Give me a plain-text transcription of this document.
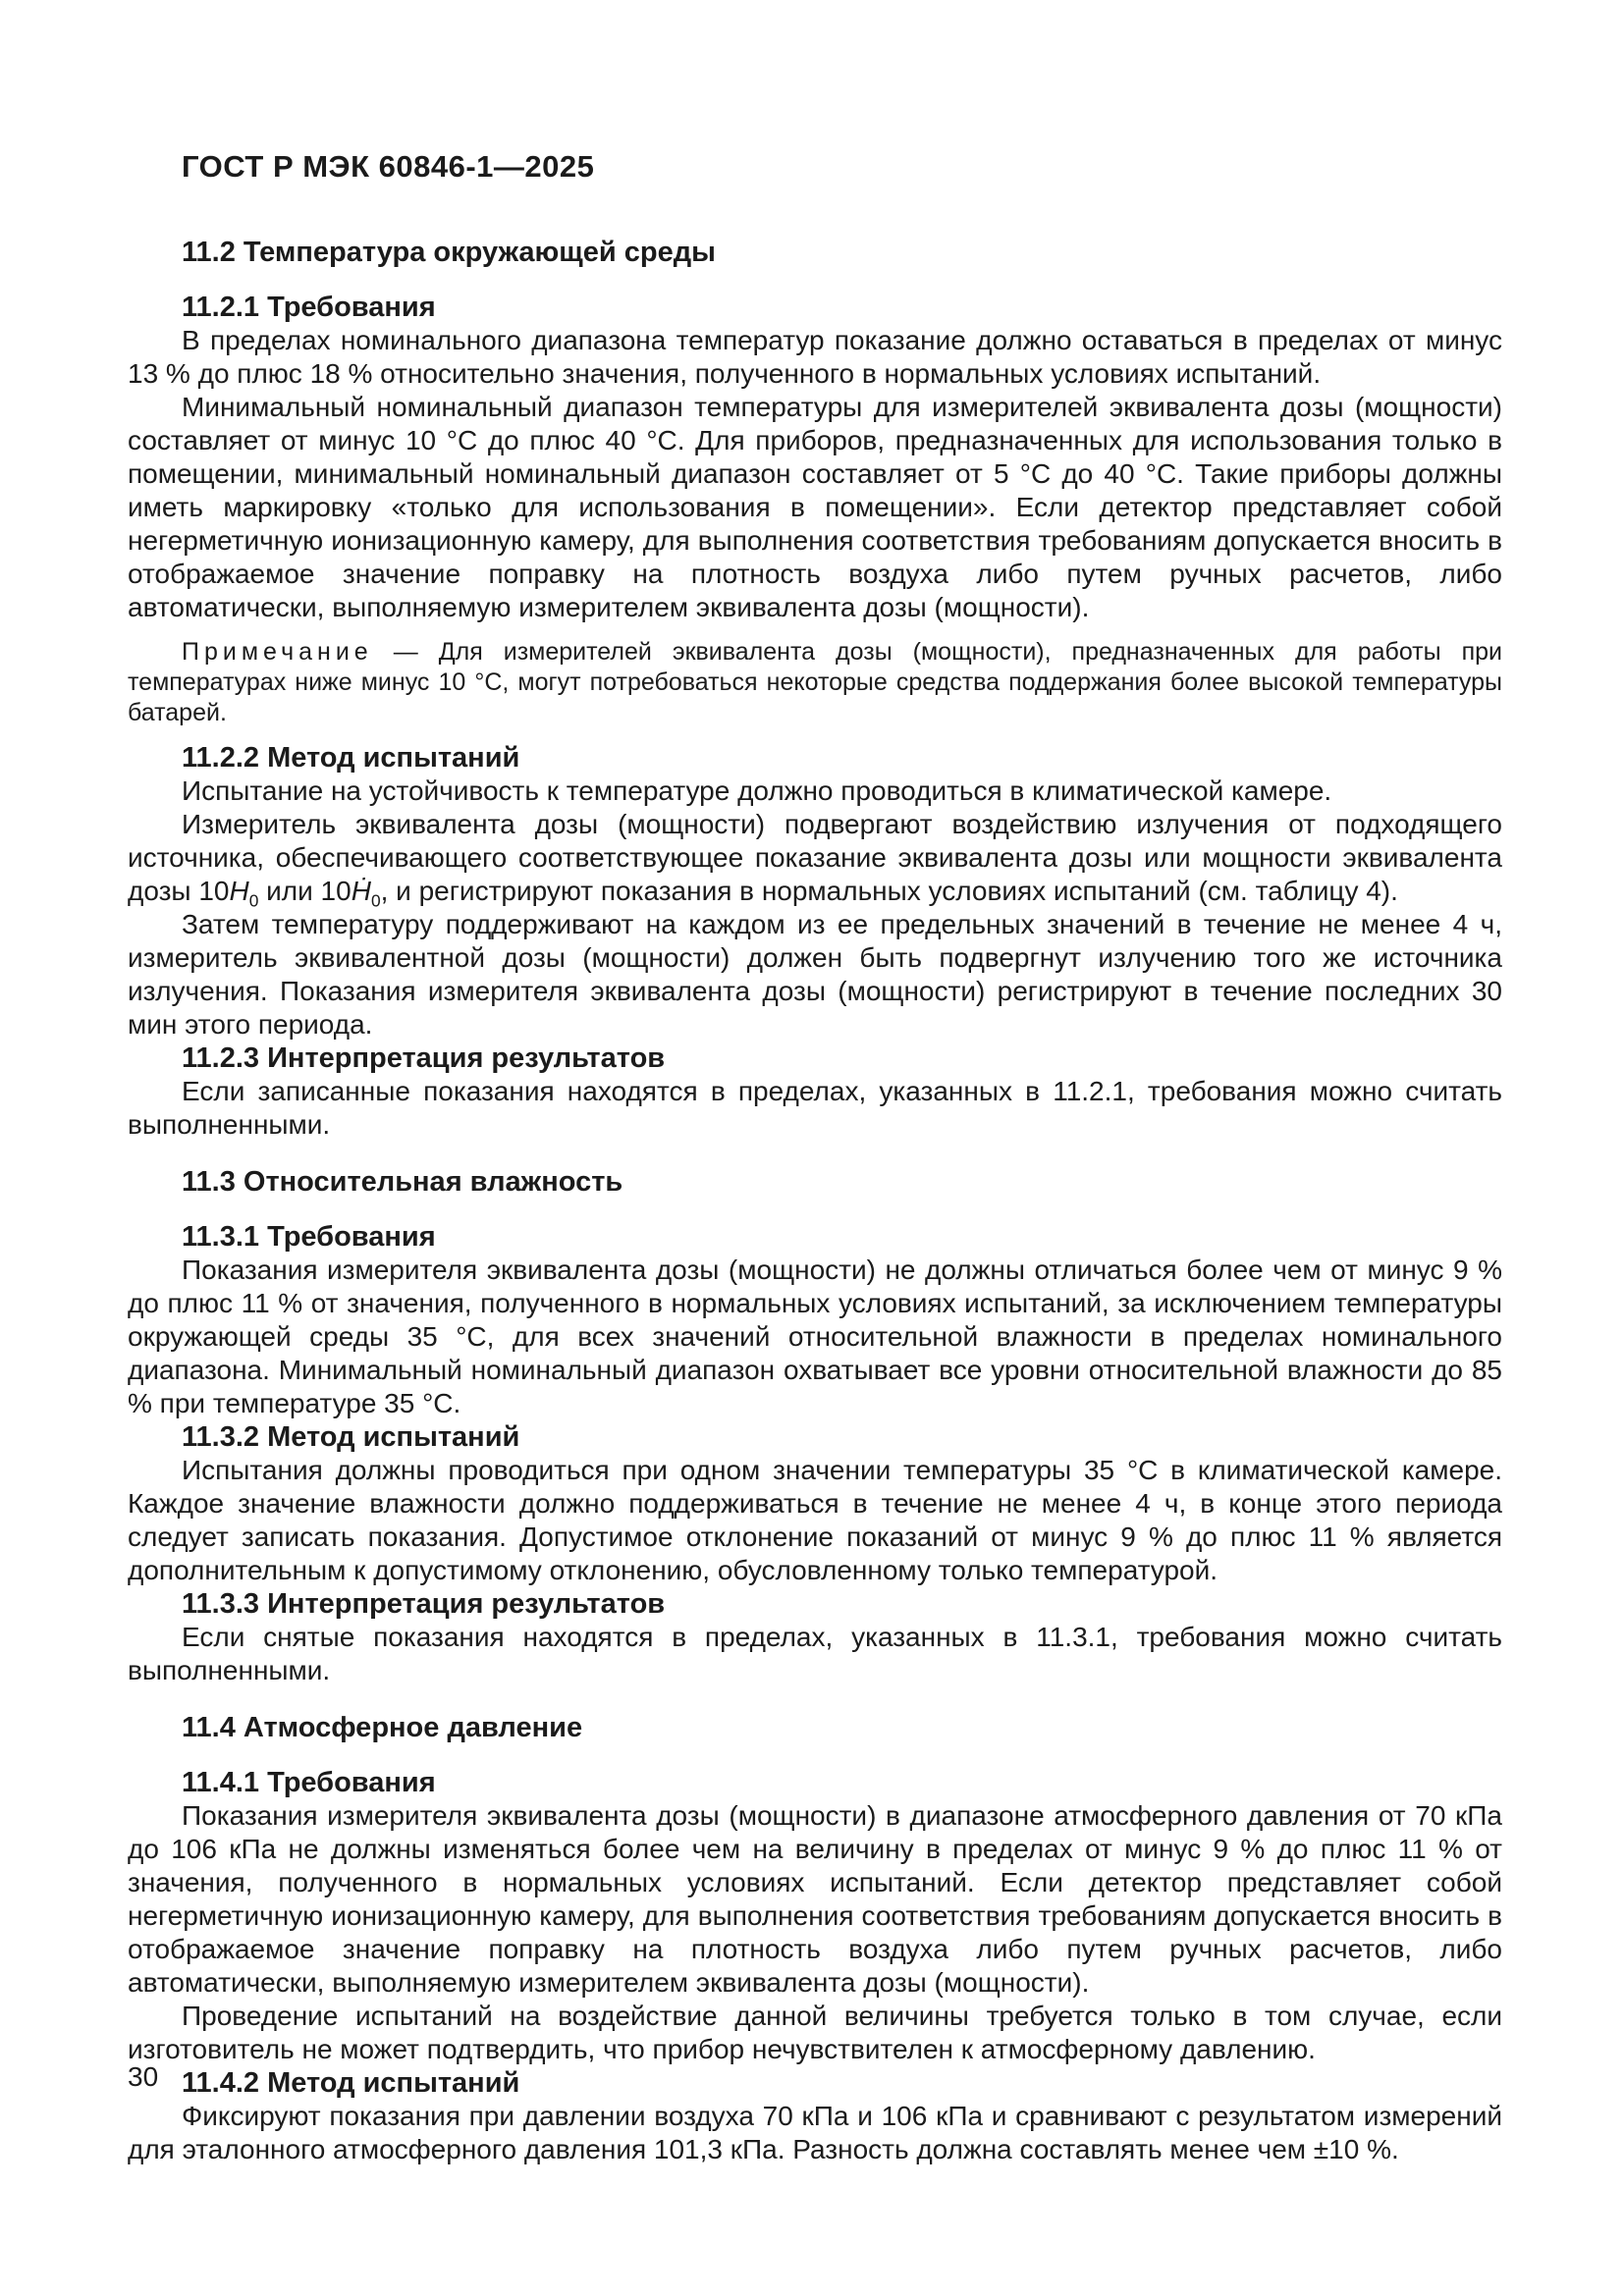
ГОСТ Р МЭК 60846-1—2025
11.2 Температура окружающей среды
11.2.1 Требования

В пределах номинального диапазона температур показание должно оставаться в пределах от минус 13 % до плюс 18 % относительно значения, полученного в нормальных условиях испытаний.

Минимальный номинальный диапазон температуры для измерителей эквивалента дозы (мощности) составляет от минус 10 °С до плюс 40 °С. Для приборов, предназначенных для использования только в помещении, минимальный номинальный диапазон составляет от 5 °С до 40 °С. Такие приборы должны иметь маркировку «только для использования в помещении». Если детектор представляет собой негерметичную ионизационную камеру, для выполнения соответствия требованиям допускается вносить в отображаемое значение поправку на плотность воздуха либо путем ручных расчетов, либо автоматически, выполняемую измерителем эквивалента дозы (мощности).

Примечание — Для измерителей эквивалента дозы (мощности), предназначенных для работы при температурах ниже минус 10 °С, могут потребоваться некоторые средства поддержания более высокой температуры батарей.

11.2.2 Метод испытаний

Испытание на устойчивость к температуре должно проводиться в климатической камере.

Измеритель эквивалента дозы (мощности) подвергают воздействию излучения от подходящего источника, обеспечивающего соответствующее показание эквивалента дозы или мощности эквивалента дозы $10H_0$ или 10Ḣ$_0$, и регистрируют показания в нормальных условиях испытаний (см. таблицу 4).

Затем температуру поддерживают на каждом из ее предельных значений в течение не менее 4 ч, измеритель эквивалентной дозы (мощности) должен быть подвергнут излучению того же источника излучения. Показания измерителя эквивалента дозы (мощности) регистрируют в течение последних 30 мин этого периода.

11.2.3 Интерпретация результатов

Если записанные показания находятся в пределах, указанных в 11.2.1, требования можно считать выполненными.

11.3 Относительная влажность
11.3.1 Требования

Показания измерителя эквивалента дозы (мощности) не должны отличаться более чем от минус 9 % до плюс 11 % от значения, полученного в нормальных условиях испытаний, за исключением температуры окружающей среды 35 °С, для всех значений относительной влажности в пределах номинального диапазона. Минимальный номинальный диапазон охватывает все уровни относительной влажности до 85 % при температуре 35 °С.

11.3.2 Метод испытаний

Испытания должны проводиться при одном значении температуры 35 °С в климатической камере. Каждое значение влажности должно поддерживаться в течение не менее 4 ч, в конце этого периода следует записать показания. Допустимое отклонение показаний от минус 9 % до плюс 11 % является дополнительным к допустимому отклонению, обусловленному только температурой.

11.3.3 Интерпретация результатов

Если снятые показания находятся в пределах, указанных в 11.3.1, требования можно считать выполненными.

11.4 Атмосферное давление
11.4.1 Требования

Показания измерителя эквивалента дозы (мощности) в диапазоне атмосферного давления от 70 кПа до 106 кПа не должны изменяться более чем на величину в пределах от минус 9 % до плюс 11 % от значения, полученного в нормальных условиях испытаний. Если детектор представляет собой негерметичную ионизационную камеру, для выполнения соответствия требованиям допускается вносить в отображаемое значение поправку на плотность воздуха либо путем ручных расчетов, либо автоматически, выполняемую измерителем эквивалента дозы (мощности).

Проведение испытаний на воздействие данной величины требуется только в том случае, если изготовитель не может подтвердить, что прибор нечувствителен к атмосферному давлению.

11.4.2 Метод испытаний

Фиксируют показания при давлении воздуха 70 кПа и 106 кПа и сравнивают с результатом измерений для эталонного атмосферного давления 101,3 кПа. Разность должна составлять менее чем ±10 %.

30
